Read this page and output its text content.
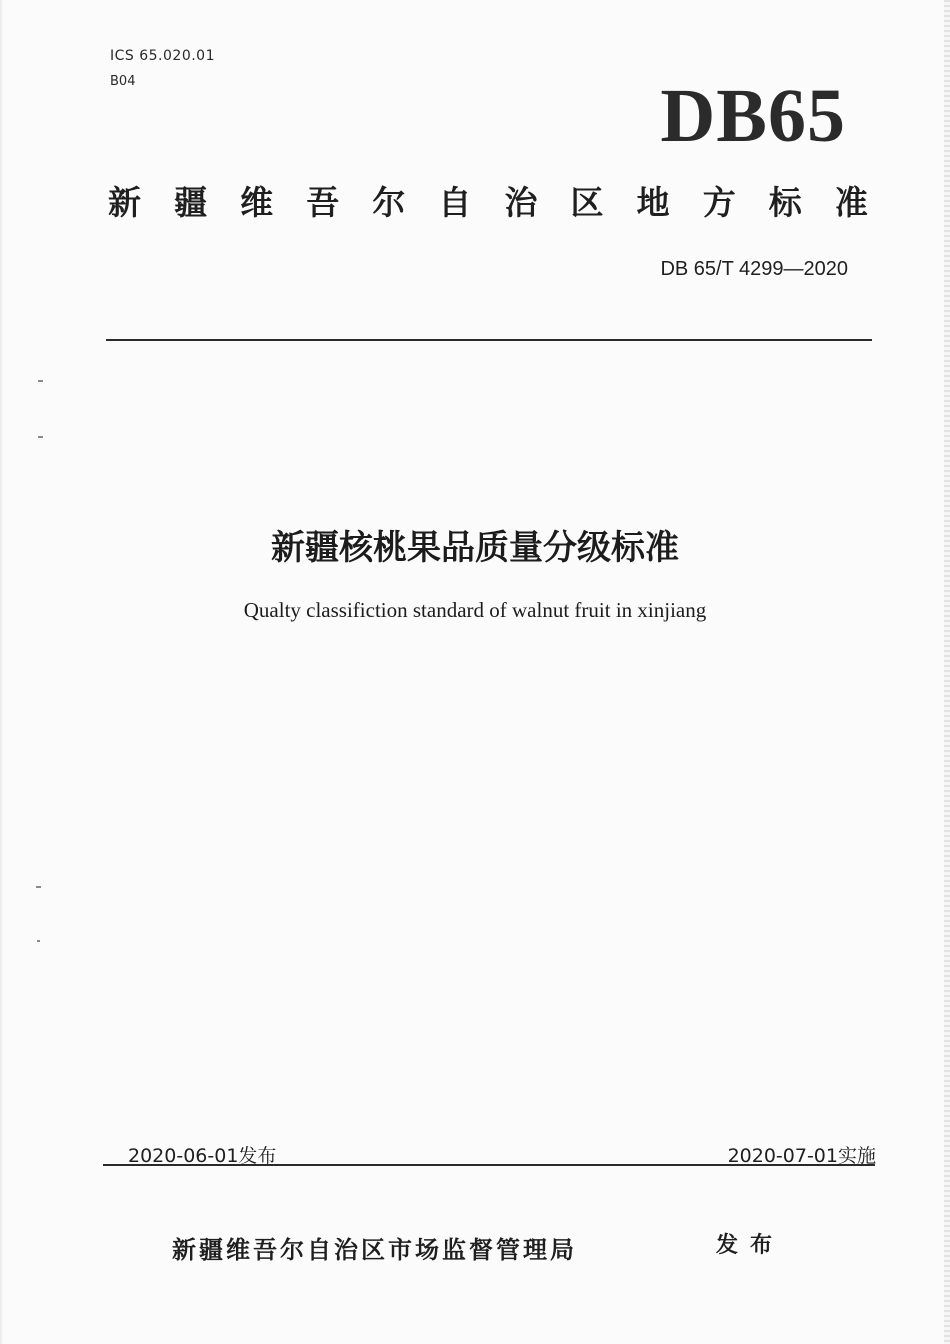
ICS 65.020.01
B04	DB65
新 疆 维 吾 尔 自 治 区 地 方 标 准
DB 65/T 4299—2020
新疆核桃果品质量分级标准
Qualty classifiction standard of walnut fruit in xinjiang
2020-06-01发布	2020-07-01实施
新疆维吾尔自治区市场监督管理局	发布
